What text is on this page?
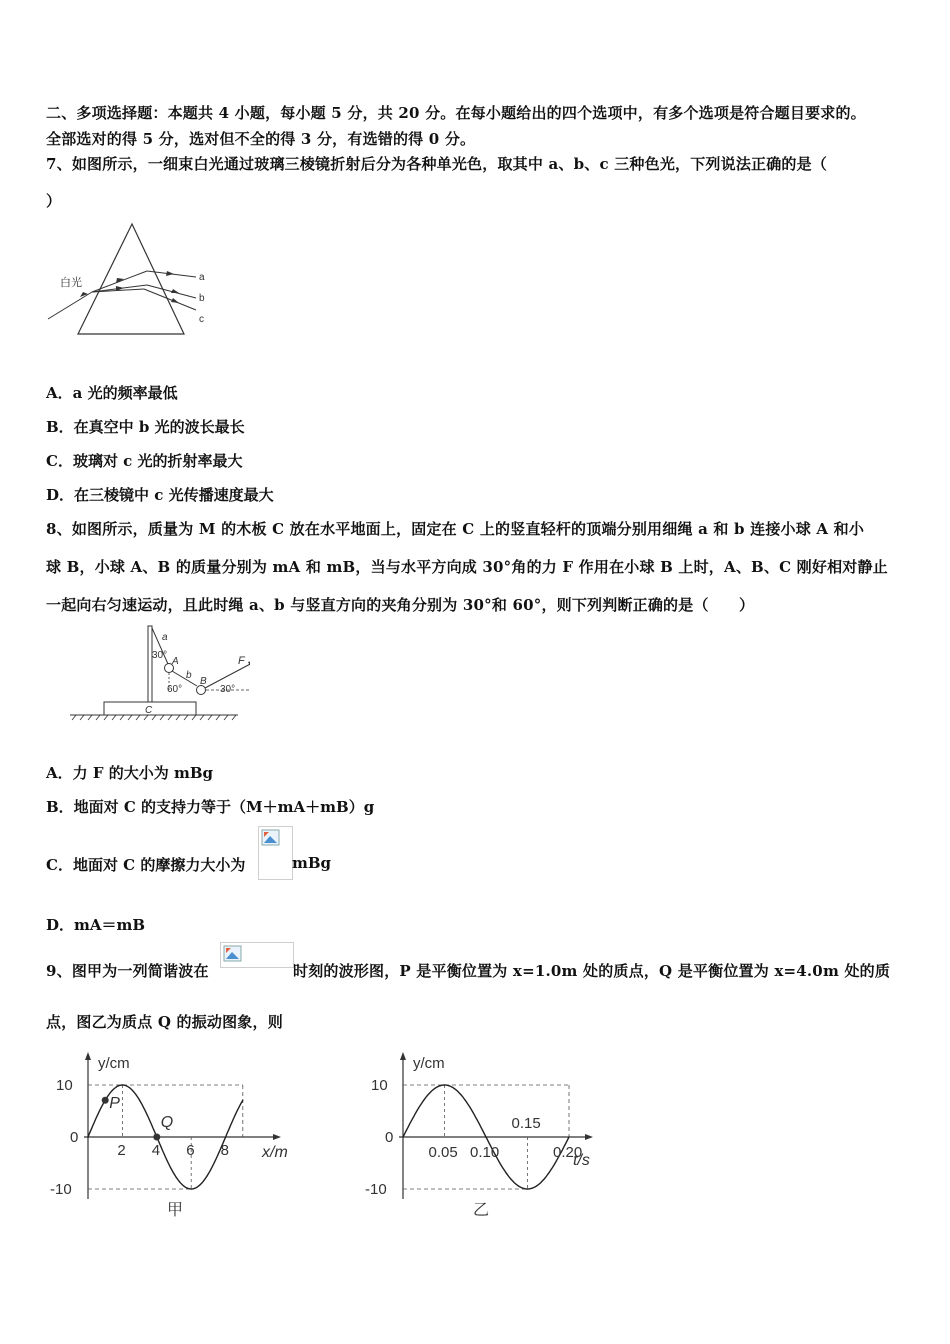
二、多项选择题：本题共 4 小题，每小题 5 分，共 20 分。在每小题给出的四个选项中，有多个选项是符合题目要求的。
全部选对的得 5 分，选对但不全的得 3 分，有选错的得 0 分。
7、如图所示，一细束白光通过玻璃三棱镜折射后分为各种单光色，取其中 a、b、c 三种色光，下列说法正确的是（
）
白光	a
b
c
A．a 光的频率最低
B．在真空中 b 光的波长最长
C．玻璃对 c 光的折射率最大
D．在三棱镜中 c 光传播速度最大
8、如图所示，质量为 M 的木板 C 放在水平地面上，固定在 C 上的竖直轻杆的顶端分别用细绳 a 和 b 连接小球 A 和小
球 B，小球 A、B 的质量分别为 mA 和 mB，当与水平方向成 30°角的力 F 作用在小球 B 上时，A、B、C 刚好相对静止
一起向右匀速运动，且此时绳 a、b 与竖直方向的夹角分别为 30°和 60°，则下列判断正确的是（　　）
a
30°
A
b
B
60°	30°
F
C
A．力 F 的大小为 mBg
B．地面对 C 的支持力等于（M＋mA＋mB）g
C．地面对 C 的摩擦力大小为	mBg
D．mA＝mB
9、图甲为一列简谐波在	时刻的波形图，P 是平衡位置为 x=1.0m 处的质点，Q 是平衡位置为 x=4.0m 处的质
点，图乙为质点 Q 的振动图象，则
2 4 6 8
10
0
-10
y/cm
x/m
甲
P
Q
0.05 0.10
0.15
0.20
10
0
-10
y/cm
t/s
乙
